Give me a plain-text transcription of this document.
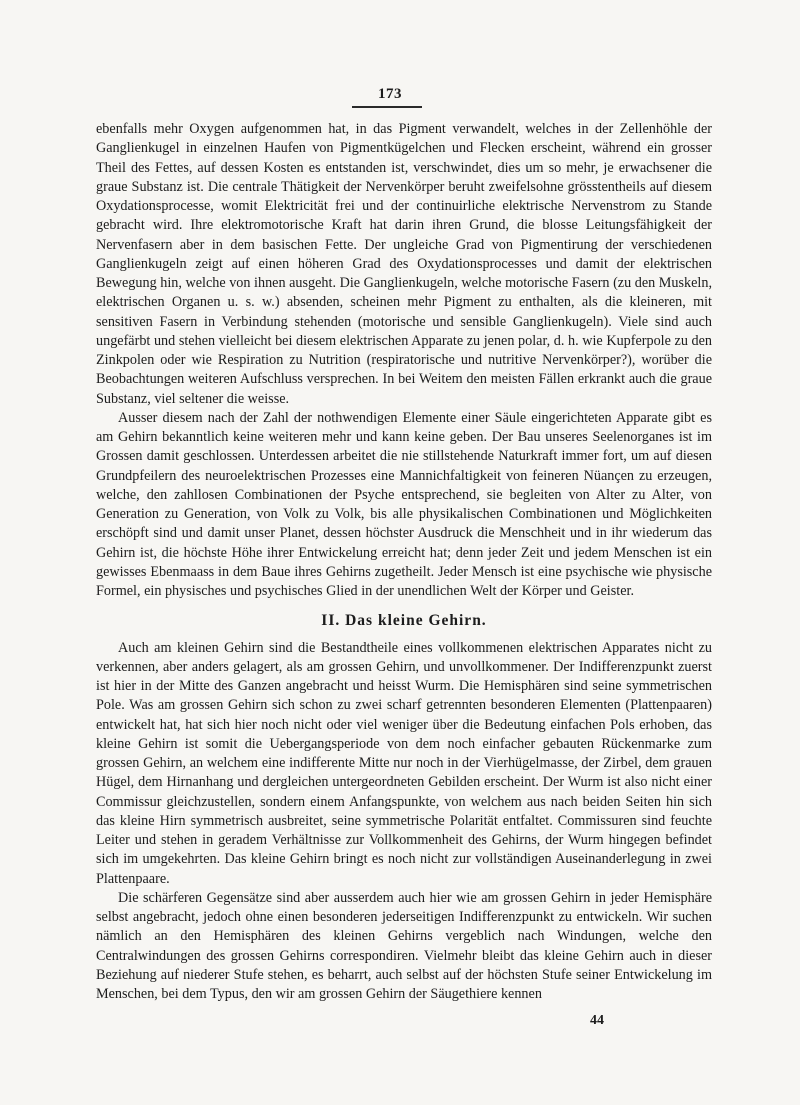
173

ebenfalls mehr Oxygen aufgenommen hat, in das Pigment verwandelt, welches in der Zellenhöhle der Ganglienkugel in einzelnen Haufen von Pigmentkügelchen und Flecken erscheint, während ein grosser Theil des Fettes, auf dessen Kosten es entstanden ist, verschwindet, dies um so mehr, je erwachsener die graue Substanz ist. Die centrale Thätigkeit der Nervenkörper beruht zweifelsohne grösstentheils auf diesem Oxydationsprocesse, womit Elektricität frei und der continuirliche elektrische Nervenstrom zu Stande gebracht wird. Ihre elektromotorische Kraft hat darin ihren Grund, die blosse Leitungsfähigkeit der Nervenfasern aber in dem basischen Fette. Der ungleiche Grad von Pigmentirung der verschiedenen Ganglienkugeln zeigt auf einen höheren Grad des Oxydationsprocesses und damit der elektrischen Bewegung hin, welche von ihnen ausgeht. Die Ganglienkugeln, welche motorische Fasern (zu den Muskeln, elektrischen Organen u. s. w.) absenden, scheinen mehr Pigment zu enthalten, als die kleineren, mit sensitiven Fasern in Verbindung stehenden (motorische und sensible Ganglienkugeln). Viele sind auch ungefärbt und stehen vielleicht bei diesem elektrischen Apparate zu jenen polar, d. h. wie Kupferpole zu den Zinkpolen oder wie Respiration zu Nutrition (respiratorische und nutritive Nervenkörper?), worüber die Beobachtungen weiteren Aufschluss versprechen. In bei Weitem den meisten Fällen erkrankt auch die graue Substanz, viel seltener die weisse.

Ausser diesem nach der Zahl der nothwendigen Elemente einer Säule eingerichteten Apparate gibt es am Gehirn bekanntlich keine weiteren mehr und kann keine geben. Der Bau unseres Seelenorganes ist im Grossen damit geschlossen. Unterdessen arbeitet die nie stillstehende Naturkraft immer fort, um auf diesen Grundpfeilern des neuroelektrischen Prozesses eine Mannichfaltigkeit von feineren Nüançen zu erzeugen, welche, den zahllosen Combinationen der Psyche entsprechend, sie begleiten von Alter zu Alter, von Generation zu Generation, von Volk zu Volk, bis alle physikalischen Combinationen und Möglichkeiten erschöpft sind und damit unser Planet, dessen höchster Ausdruck die Menschheit und in ihr wiederum das Gehirn ist, die höchste Höhe ihrer Entwickelung erreicht hat; denn jeder Zeit und jedem Menschen ist ein gewisses Ebenmaass in dem Baue ihres Gehirns zugetheilt. Jeder Mensch ist eine psychische wie physische Formel, ein physisches und psychisches Glied in der unendlichen Welt der Körper und Geister.

II. Das kleine Gehirn.

Auch am kleinen Gehirn sind die Bestandtheile eines vollkommenen elektrischen Apparates nicht zu verkennen, aber anders gelagert, als am grossen Gehirn, und unvollkommener. Der Indifferenzpunkt zuerst ist hier in der Mitte des Ganzen angebracht und heisst Wurm. Die Hemisphären sind seine symmetrischen Pole. Was am grossen Gehirn sich schon zu zwei scharf getrennten besonderen Elementen (Plattenpaaren) entwickelt hat, hat sich hier noch nicht oder viel weniger über die Bedeutung einfachen Pols erhoben, das kleine Gehirn ist somit die Uebergangsperiode von dem noch einfacher gebauten Rückenmarke zum grossen Gehirn, an welchem eine indifferente Mitte nur noch in der Vierhügelmasse, der Zirbel, dem grauen Hügel, dem Hirnanhang und dergleichen untergeordneten Gebilden erscheint. Der Wurm ist also nicht einer Commissur gleichzustellen, sondern einem Anfangspunkte, von welchem aus nach beiden Seiten hin sich das kleine Hirn symmetrisch ausbreitet, seine symmetrische Polarität entfaltet. Commissuren sind feuchte Leiter und stehen in geradem Verhältnisse zur Vollkommenheit des Gehirns, der Wurm hingegen befindet sich im umgekehrten. Das kleine Gehirn bringt es noch nicht zur vollständigen Auseinanderlegung in zwei Plattenpaare.

Die schärferen Gegensätze sind aber ausserdem auch hier wie am grossen Gehirn in jeder Hemisphäre selbst angebracht, jedoch ohne einen besonderen jederseitigen Indifferenzpunkt zu entwickeln. Wir suchen nämlich an den Hemisphären des kleinen Gehirns vergeblich nach Windungen, welche den Centralwindungen des grossen Gehirns correspondiren. Vielmehr bleibt das kleine Gehirn auch in dieser Beziehung auf niederer Stufe stehen, es beharrt, auch selbst auf der höchsten Stufe seiner Entwickelung im Menschen, bei dem Typus, den wir am grossen Gehirn der Säugethiere kennen

44
